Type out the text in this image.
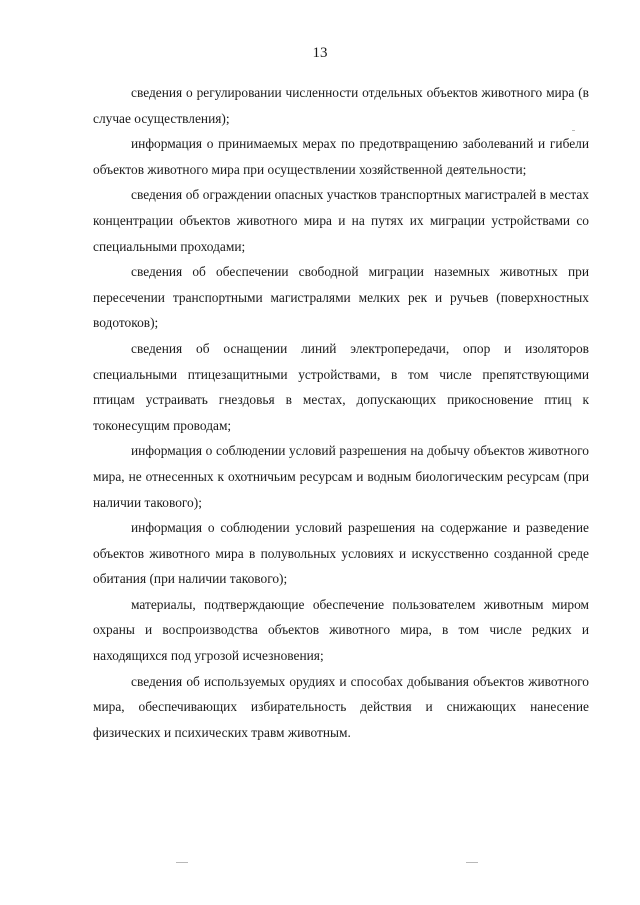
13

сведения о регулировании численности отдельных объектов животного мира (в случае осуществления);

информация о принимаемых мерах по предотвращению заболеваний и гибели объектов животного мира при осуществлении хозяйственной деятельности;

сведения об ограждении опасных участков транспортных магистралей в местах концентрации объектов животного мира и на путях их миграции устройствами со специальными проходами;

сведения об обеспечении свободной миграции наземных животных при пересечении транспортными магистралями мелких рек и ручьев (поверхностных водотоков);

сведения об оснащении линий электропередачи, опор и изоляторов специальными птицезащитными устройствами, в том числе препятствующими птицам устраивать гнездовья в местах, допускающих прикосновение птиц к токонесущим проводам;

информация о соблюдении условий разрешения на добычу объектов животного мира, не отнесенных к охотничьим ресурсам и водным биологическим ресурсам (при наличии такового);

информация о соблюдении условий разрешения на содержание и разведение объектов животного мира в полувольных условиях и искусственно созданной среде обитания (при наличии такового);

материалы, подтверждающие обеспечение пользователем животным миром охраны и воспроизводства объектов животного мира, в том числе редких и находящихся под угрозой исчезновения;

сведения об используемых орудиях и способах добывания объектов животного мира, обеспечивающих избирательность действия и снижающих нанесение физических и психических травм животным.
